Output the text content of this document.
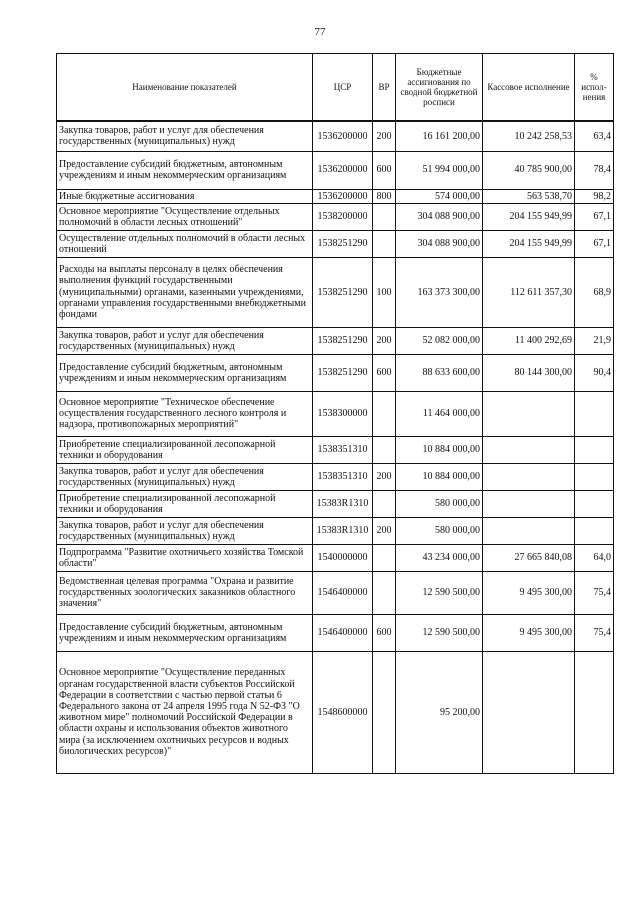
77
Наименование показателей	ЦСР	ВР	Бюджетные ассигнования по сводной бюджетной росписи	Кассовое исполнение	% испол-нения
Закупка товаров, работ и услуг для обеспечения государственных (муниципальных) нужд	1536200000	200	16 161 200,00	10 242 258,53	63,4
Предоставление субсидий бюджетным, автономным учреждениям и иным некоммерческим организациям	1536200000	600	51 994 000,00	40 785 900,00	78,4
Иные бюджетные ассигнования	1536200000	800	574 000,00	563 538,70	98,2
Основное мероприятие "Осуществление отдельных полномочий в области лесных отношений"	1538200000		304 088 900,00	204 155 949,99	67,1
Осуществление отдельных полномочий в области лесных отношений	1538251290		304 088 900,00	204 155 949,99	67,1
Расходы на выплаты персоналу в целях обеспечения выполнения функций государственными (муниципальными) органами, казенными учреждениями, органами управления государственными внебюджетными фондами	1538251290	100	163 373 300,00	112 611 357,30	68,9
Закупка товаров, работ и услуг для обеспечения государственных (муниципальных) нужд	1538251290	200	52 082 000,00	11 400 292,69	21,9
Предоставление субсидий бюджетным, автономным учреждениям и иным некоммерческим организациям	1538251290	600	88 633 600,00	80 144 300,00	90,4
Основное мероприятие "Техническое обеспечение осуществления государственного лесного контроля и надзора, противопожарных мероприятий"	1538300000		11 464 000,00		
Приобретение специализированной лесопожарной техники и оборудования	1538351310		10 884 000,00		
Закупка товаров, работ и услуг для обеспечения государственных (муниципальных) нужд	1538351310	200	10 884 000,00		
Приобретение специализированной лесопожарной техники и оборудования	15383R1310		580 000,00		
Закупка товаров, работ и услуг для обеспечения государственных (муниципальных) нужд	15383R1310	200	580 000,00		
Подпрограмма "Развитие охотничьего хозяйства Томской области"	1540000000		43 234 000,00	27 665 840,08	64,0
Ведомственная целевая программа "Охрана и развитие государственных зоологических заказников областного значения"	1546400000		12 590 500,00	9 495 300,00	75,4
Предоставление субсидий бюджетным, автономным учреждениям и иным некоммерческим организациям	1546400000	600	12 590 500,00	9 495 300,00	75,4
Основное мероприятие "Осуществление переданных органам государственной власти субъектов Российской Федерации в соответствии с частью первой статьи 6 Федерального закона от 24 апреля 1995 года N 52-ФЗ "О животном мире" полномочий Российской Федерации в области охраны и использования объектов животного мира (за исключением охотничьих ресурсов и водных биологических ресурсов)"	1548600000		95 200,00		
